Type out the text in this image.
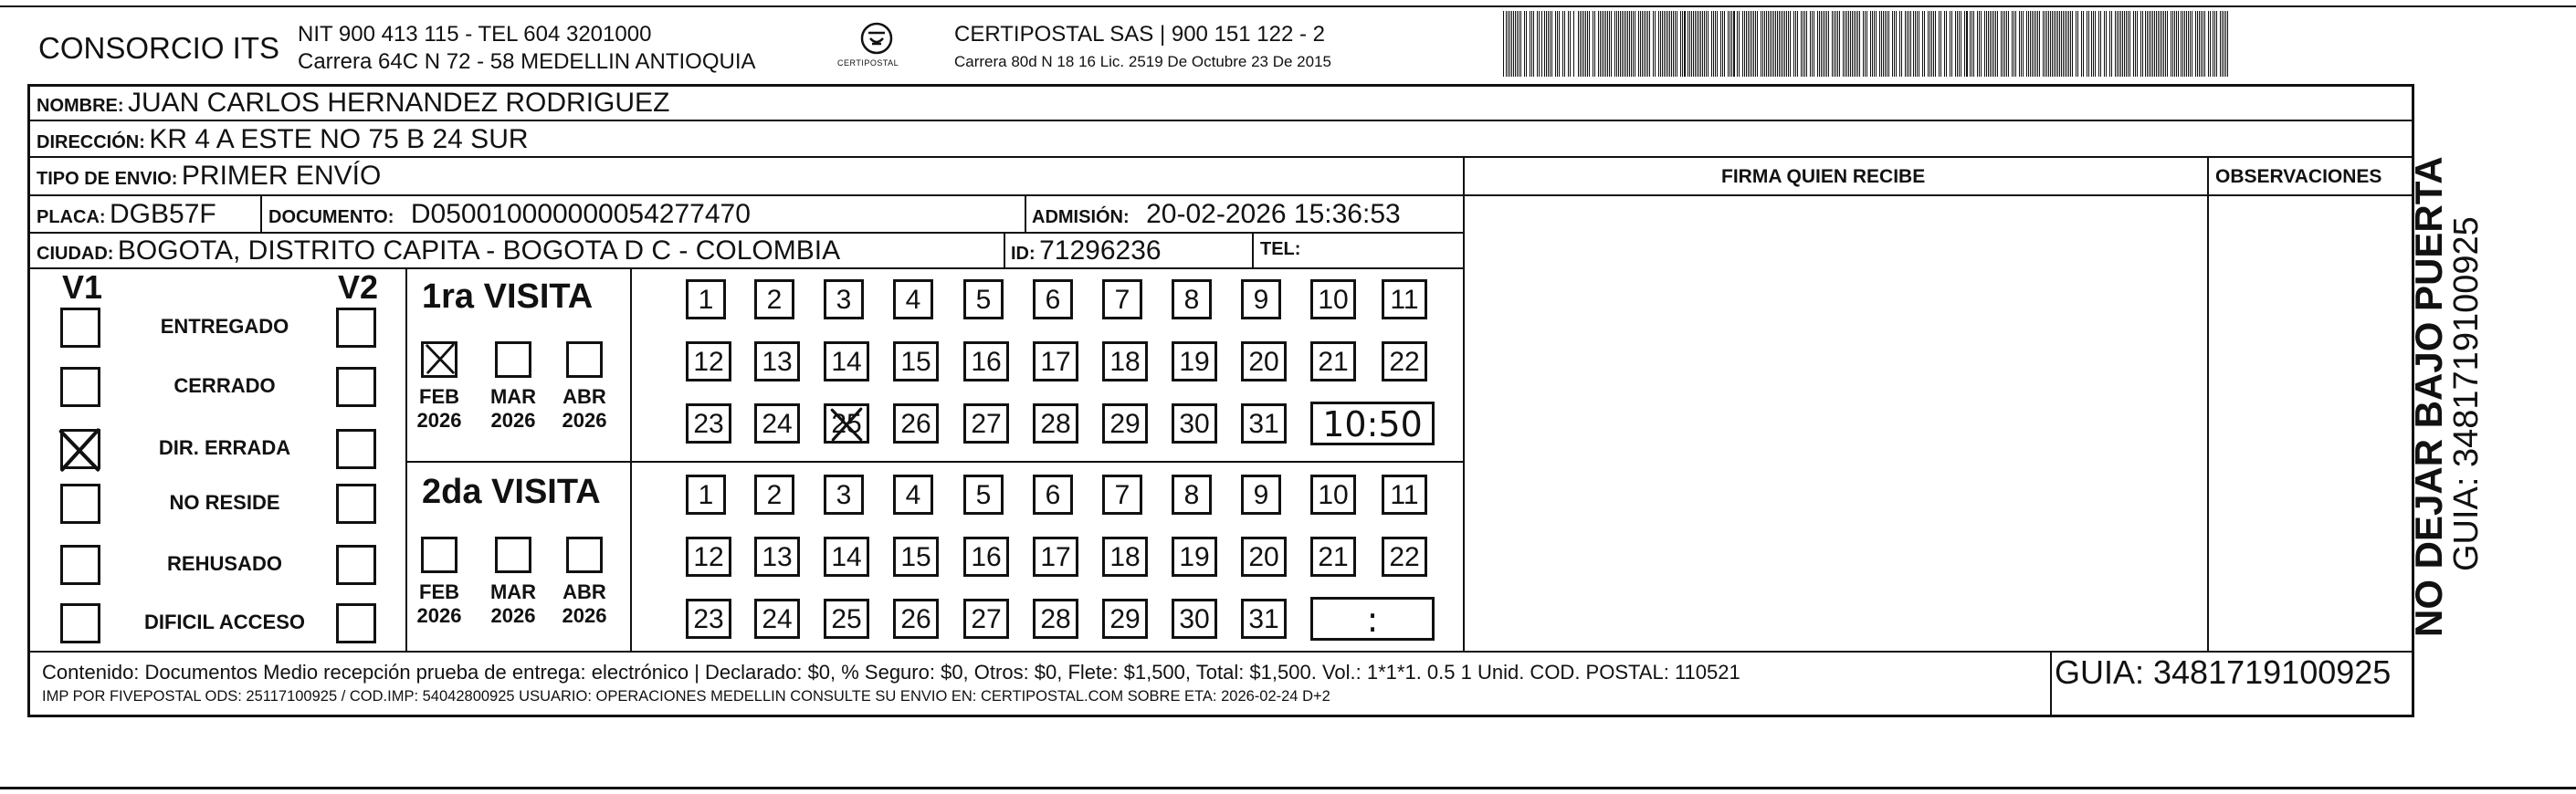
CONSORCIO ITS NIT 900 413 115 - TEL 604 3201000
Carrera 64C N 72 - 58 MEDELLIN ANTIOQUIA	CERTIPOSTAL
CERTIPOSTAL SAS | 900 151 122 - 2
Carrera 80d N 18 16 Lic. 2519 De Octubre 23 De 2015
NOMBRE: JUAN CARLOS HERNANDEZ RODRIGUEZ
DIRECCIÓN: KR 4 A ESTE NO 75 B 24 SUR
TIPO DE ENVIO: PRIMER ENVÍO	FIRMA QUIEN RECIBE	OBSERVACIONES
PLACA: DGB57F	DOCUMENTO: D050010000000054277470	ADMISIÓN: 20-02-2026 15:36:53
CIUDAD: BOGOTA, DISTRITO CAPITA - BOGOTA D C - COLOMBIA	ID: 71296236	TEL:
V1	V2
ENTREGADO
CERRADO
DIR. ERRADA
NO RESIDE
REHUSADO
DIFICIL ACCESO
1ra VISITA
FEB
2026
MAR
2026
ABR
2026
1	2	3	4	5	6	7	8	9	10	11
12 13 14 15 16 17 18 19 20 21 22
23 24 25 26 27 28 29 30 31	10:50
2da VISITA
FEB
2026
MAR
2026
ABR
2026
1	2	3	4	5	6	7	8	9	10	11
12 13 14 15 16 17 18 19 20 21 22
23 24 25 26 27 28 29 30 31	:
Contenido: Documentos Medio recepción prueba de entrega: electrónico | Declarado: $0, % Seguro: $0, Otros: $0, Flete: $1,500, Total: $1,500. Vol.: 1*1*1. 0.5 1 Unid. COD. POSTAL: 110521
IMP POR FIVEPOSTAL ODS: 25117100925 / COD.IMP: 54042800925 USUARIO: OPERACIONES MEDELLIN CONSULTE SU ENVIO EN: CERTIPOSTAL.COM SOBRE ETA: 2026-02-24 D+2
GUIA: 3481719100925
NO DEJAR BAJO PUERTA
GUIA: 3481719100925
